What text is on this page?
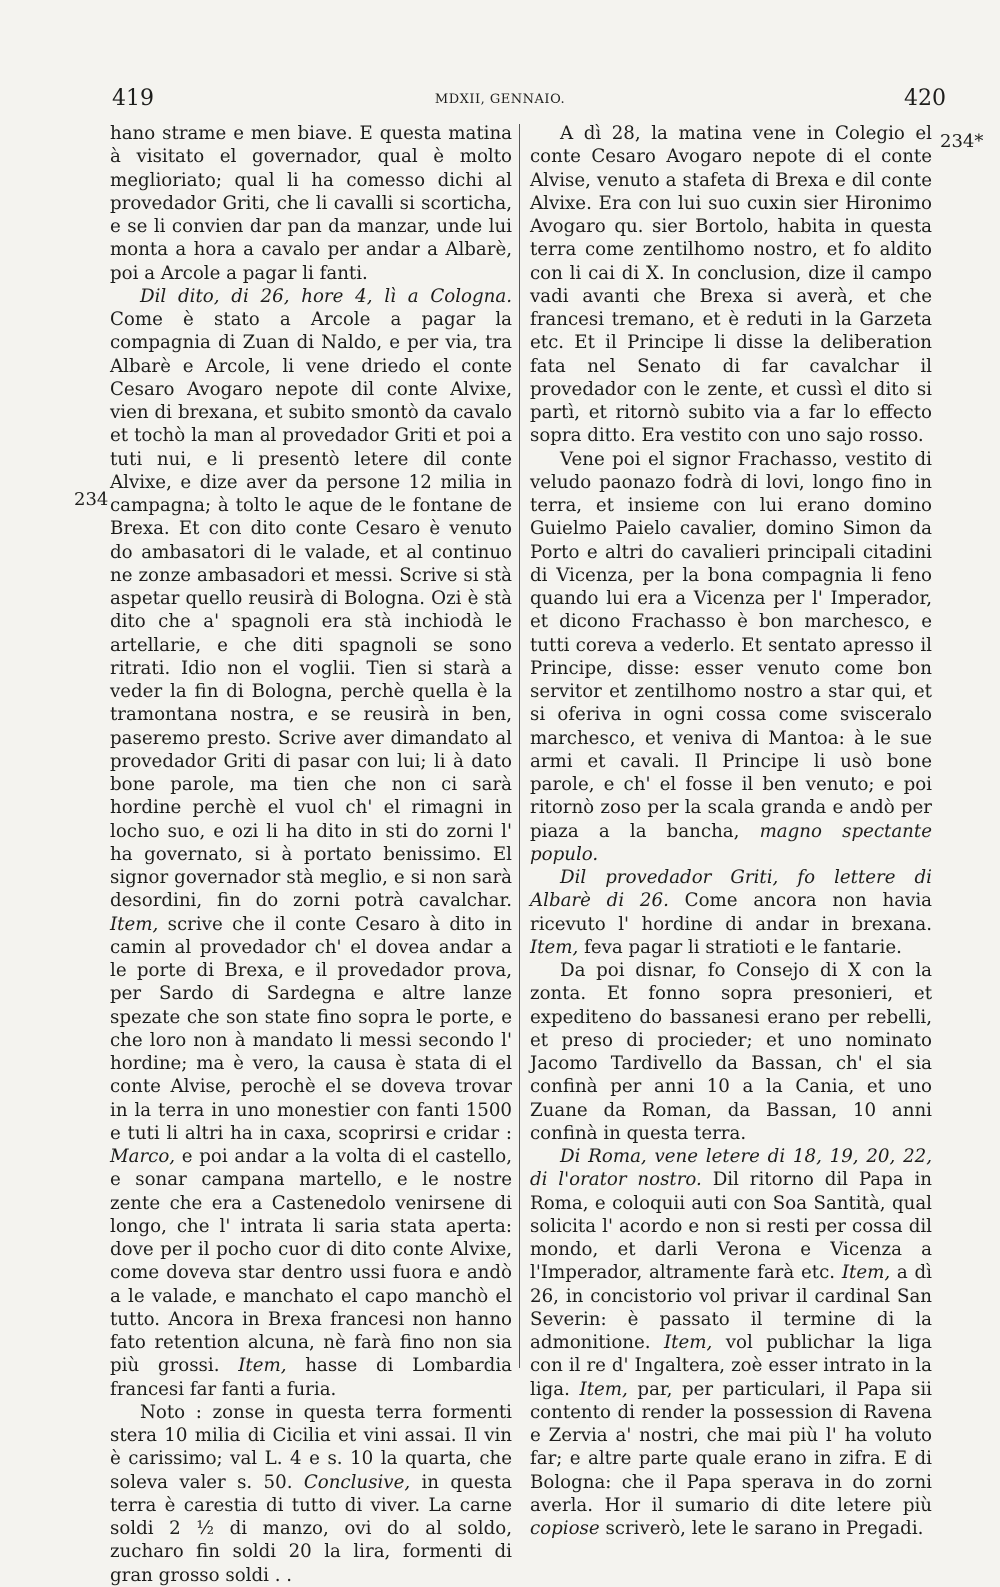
419	MDXII, GENNAIO.	420
234
234*

hano strame e men biave. E questa matina à visitato el governador, qual è molto meglioriato; qual li ha comesso dichi al provedador Griti, che li cavalli si scorticha, e se li convien dar pan da manzar, unde lui monta a hora a cavalo per andar a Albarè, poi a Arcole a pagar li fanti.

Dil dito, di 26, hore 4, lì a Cologna. Come è stato a Arcole a pagar la compagnia di Zuan di Naldo, e per via, tra Albarè e Arcole, li vene driedo el conte Cesaro Avogaro nepote dil conte Alvixe, vien di brexana, et subito smontò da cavalo et tochò la man al provedador Griti et poi a tuti nui, e li presentò letere dil conte Alvixe, e dize aver da persone 12 milia in campagna; à tolto le aque de le fontane de Brexa. Et con dito conte Cesaro è venuto do ambasatori di le valade, et al continuo ne zonze ambasadori et messi. Scrive si stà aspetar quello reusirà di Bologna. Ozi è stà dito che a' spagnoli era stà inchiodà le artellarie, e che diti spagnoli se sono ritrati. Idio non el voglii. Tien si starà a veder la fin di Bologna, perchè quella è la tramontana nostra, e se reusirà in ben, paseremo presto. Scrive aver dimandato al provedador Griti di pasar con lui; li à dato bone parole, ma tien che non ci sarà hordine perchè el vuol ch' el rimagni in locho suo, e ozi li ha dito in sti do zorni l' ha governato, si à portato benissimo. El signor governador stà meglio, e si non sarà desordini, fin do zorni potrà cavalchar. Item, scrive che il conte Cesaro à dito in camin al provedador ch' el dovea andar a le porte di Brexa, e il provedador prova, per Sardo di Sardegna e altre lanze spezate che son state fino sopra le porte, e che loro non à mandato li messi secondo l' hordine; ma è vero, la causa è stata di el conte Alvise, perochè el se doveva trovar in la terra in uno monestier con fanti 1500 e tuti li altri ha in caxa, scoprirsi e cridar : Marco, e poi andar a la volta di el castello, e sonar campana martello, e le nostre zente che era a Castenedolo venirsene di longo, che l' intrata li saria stata aperta: dove per il pocho cuor di dito conte Alvixe, come doveva star dentro ussi fuora e andò a le valade, e manchato el capo manchò el tutto. Ancora in Brexa francesi non hanno fato retention alcuna, nè farà fino non sia più grossi. Item, hasse di Lombardia francesi far fanti a furia.

Noto : zonse in questa terra formenti stera 10 milia di Cicilia et vini assai. Il vin è carissimo; val L. 4 e s. 10 la quarta, che soleva valer s. 50. Conclusive, in questa terra è carestia di tutto di viver. La carne soldi 2 ½ di manzo, ovi do al soldo, zucharo fin soldi 20 la lira, formenti di gran grosso soldi . .

A dì 28, la matina vene in Colegio el conte Cesaro Avogaro nepote di el conte Alvise, venuto a stafeta di Brexa e dil conte Alvixe. Era con lui suo cuxin sier Hironimo Avogaro qu. sier Bortolo, habita in questa terra come zentilhomo nostro, et fo aldito con li cai di X. In conclusion, dize il campo vadi avanti che Brexa si averà, et che francesi tremano, et è reduti in la Garzeta etc. Et il Principe li disse la deliberation fata nel Senato di far cavalchar il provedador con le zente, et cussì el dito si partì, et ritornò subito via a far lo effecto sopra ditto. Era vestito con uno sajo rosso.

Vene poi el signor Frachasso, vestito di veludo paonazo fodrà di lovi, longo fino in terra, et insieme con lui erano domino Guielmo Paielo cavalier, domino Simon da Porto e altri do cavalieri principali citadini di Vicenza, per la bona compagnia li feno quando lui era a Vicenza per l' Imperador, et dicono Frachasso è bon marchesco, e tutti coreva a vederlo. Et sentato apresso il Principe, disse: esser venuto come bon servitor et zentilhomo nostro a star qui, et si oferiva in ogni cossa come svisceralo marchesco, et veniva di Mantoa: à le sue armi et cavali. Il Principe li usò bone parole, e ch' el fosse il ben venuto; e poi ritornò zoso per la scala granda e andò per piaza a la bancha, magno spectante populo.

Dil provedador Griti, fo lettere di Albarè di 26. Come ancora non havia ricevuto l' hordine di andar in brexana. Item, feva pagar li stratioti e le fantarie.

Da poi disnar, fo Consejo di X con la zonta. Et fonno sopra presonieri, et expediteno do bassanesi erano per rebelli, et preso di procieder; et uno nominato Jacomo Tardivello da Bassan, ch' el sia confinà per anni 10 a la Cania, et uno Zuane da Roman, da Bassan, 10 anni confinà in questa terra.

Di Roma, vene letere di 18, 19, 20, 22, di l'orator nostro. Dil ritorno dil Papa in Roma, e coloquii auti con Soa Santità, qual solicita l' acordo e non si resti per cossa dil mondo, et darli Verona e Vicenza a l'Imperador, altramente farà etc. Item, a dì 26, in concistorio vol privar il cardinal San Severin: è passato il termine di la admonitione. Item, vol publichar la liga con il re d' Ingaltera, zoè esser intrato in la liga. Item, par, per particulari, il Papa sii contento di render la possession di Ravena e Zervia a' nostri, che mai più l' ha voluto far; e altre parte quale erano in zifra. E di Bologna: che il Papa sperava in do zorni averla. Hor il sumario di dite letere più copiose scriverò, lete le sarano in Pregadi.
